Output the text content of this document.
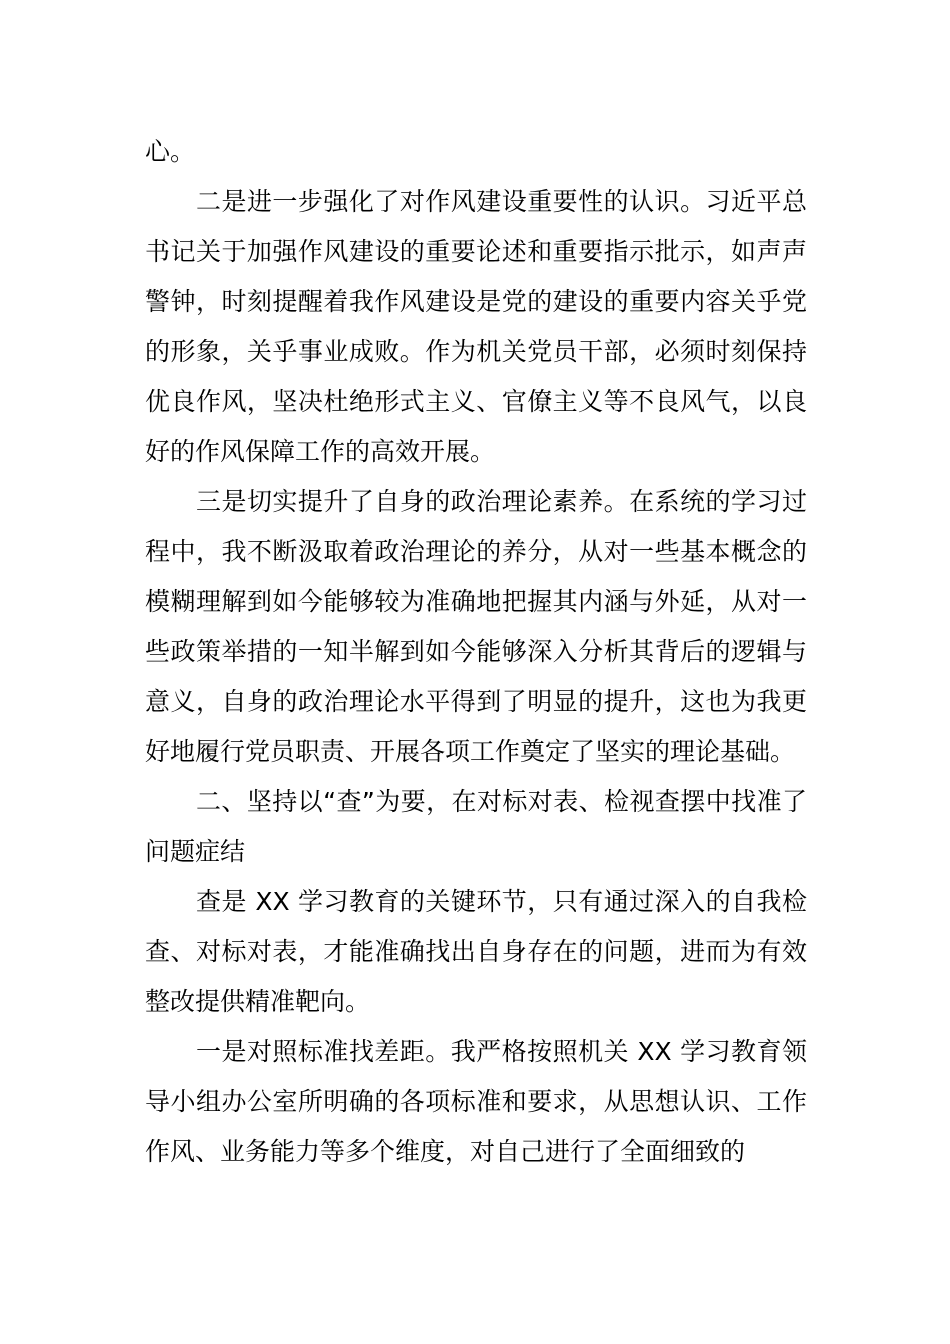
心。

二是进一步强化了对作风建设重要性的认识。习近平总书记关于加强作风建设的重要论述和重要指示批示，如声声警钟，时刻提醒着我作风建设是党的建设的重要内容关乎党的形象，关乎事业成败。作为机关党员干部，必须时刻保持优良作风，坚决杜绝形式主义、官僚主义等不良风气，以良好的作风保障工作的高效开展。

三是切实提升了自身的政治理论素养。在系统的学习过程中，我不断汲取着政治理论的养分，从对一些基本概念的模糊理解到如今能够较为准确地把握其内涵与外延，从对一些政策举措的一知半解到如今能够深入分析其背后的逻辑与意义，自身的政治理论水平得到了明显的提升，这也为我更好地履行党员职责、开展各项工作奠定了坚实的理论基础。

二、坚持以“查”为要，在对标对表、检视查摆中找准了问题症结

查是 XX 学习教育的关键环节，只有通过深入的自我检查、对标对表，才能准确找出自身存在的问题，进而为有效整改提供精准靶向。

一是对照标准找差距。我严格按照机关 XX 学习教育领导小组办公室所明确的各项标准和要求，从思想认识、工作作风、业务能力等多个维度，对自己进行了全面细致的
